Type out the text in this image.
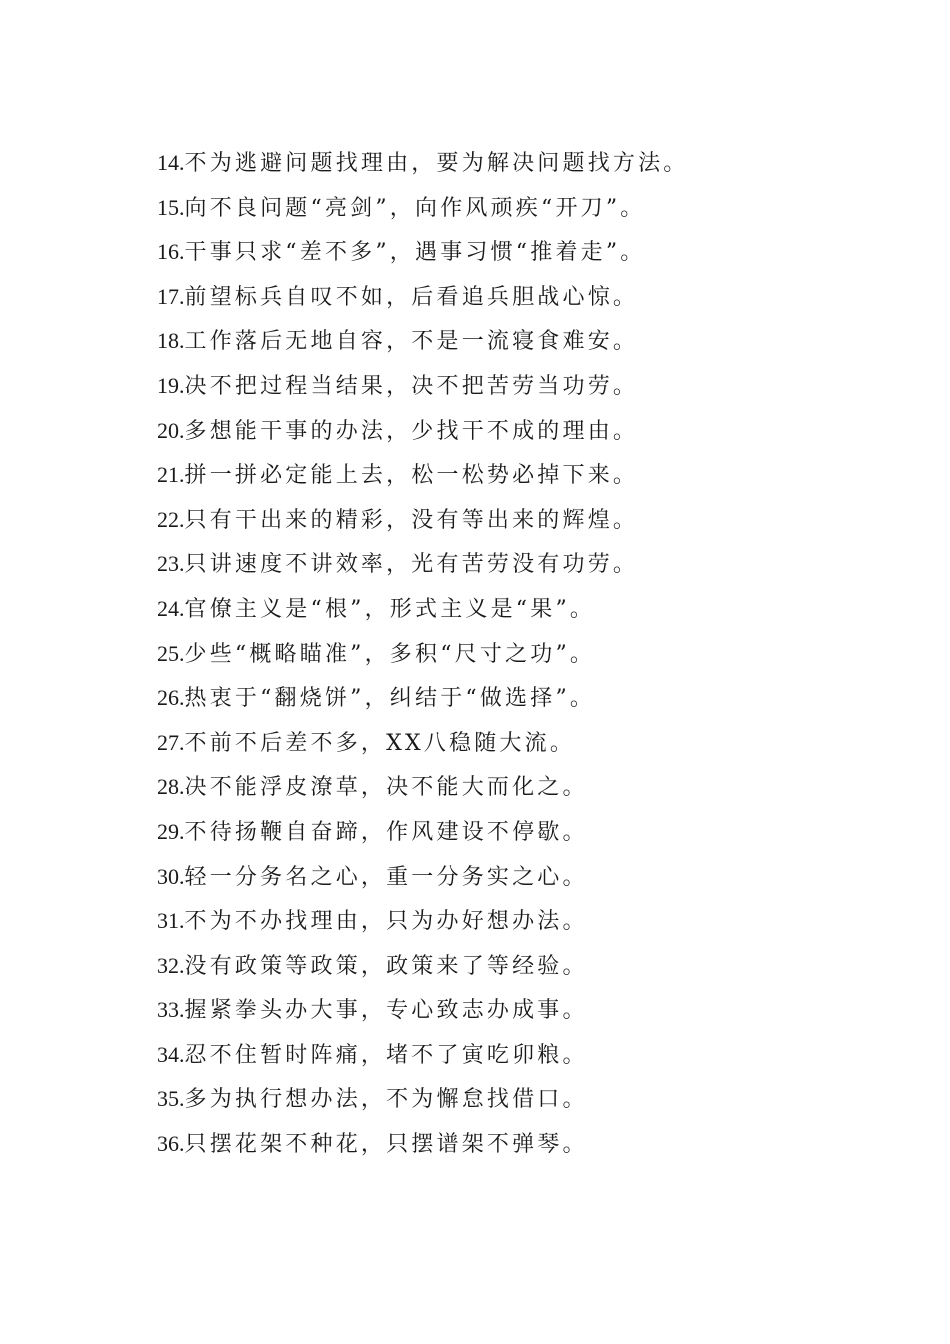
14.不为逃避问题找理由，要为解决问题找方法。
15.向不良问题“亮剑”，向作风顽疾“开刀”。
16.干事只求“差不多”，遇事习惯“推着走”。
17.前望标兵自叹不如，后看追兵胆战心惊。
18.工作落后无地自容，不是一流寝食难安。
19.决不把过程当结果，决不把苦劳当功劳。
20.多想能干事的办法，少找干不成的理由。
21.拼一拼必定能上去，松一松势必掉下来。
22.只有干出来的精彩，没有等出来的辉煌。
23.只讲速度不讲效率，光有苦劳没有功劳。
24.官僚主义是“根”，形式主义是“果”。
25.少些“概略瞄准”，多积“尺寸之功”。
26.热衷于“翻烧饼”，纠结于“做选择”。
27.不前不后差不多，XX八稳随大流。
28.决不能浮皮潦草，决不能大而化之。
29.不待扬鞭自奋蹄，作风建设不停歇。
30.轻一分务名之心，重一分务实之心。
31.不为不办找理由，只为办好想办法。
32.没有政策等政策，政策来了等经验。
33.握紧拳头办大事，专心致志办成事。
34.忍不住暂时阵痛，堵不了寅吃卯粮。
35.多为执行想办法，不为懈怠找借口。
36.只摆花架不种花，只摆谱架不弹琴。
